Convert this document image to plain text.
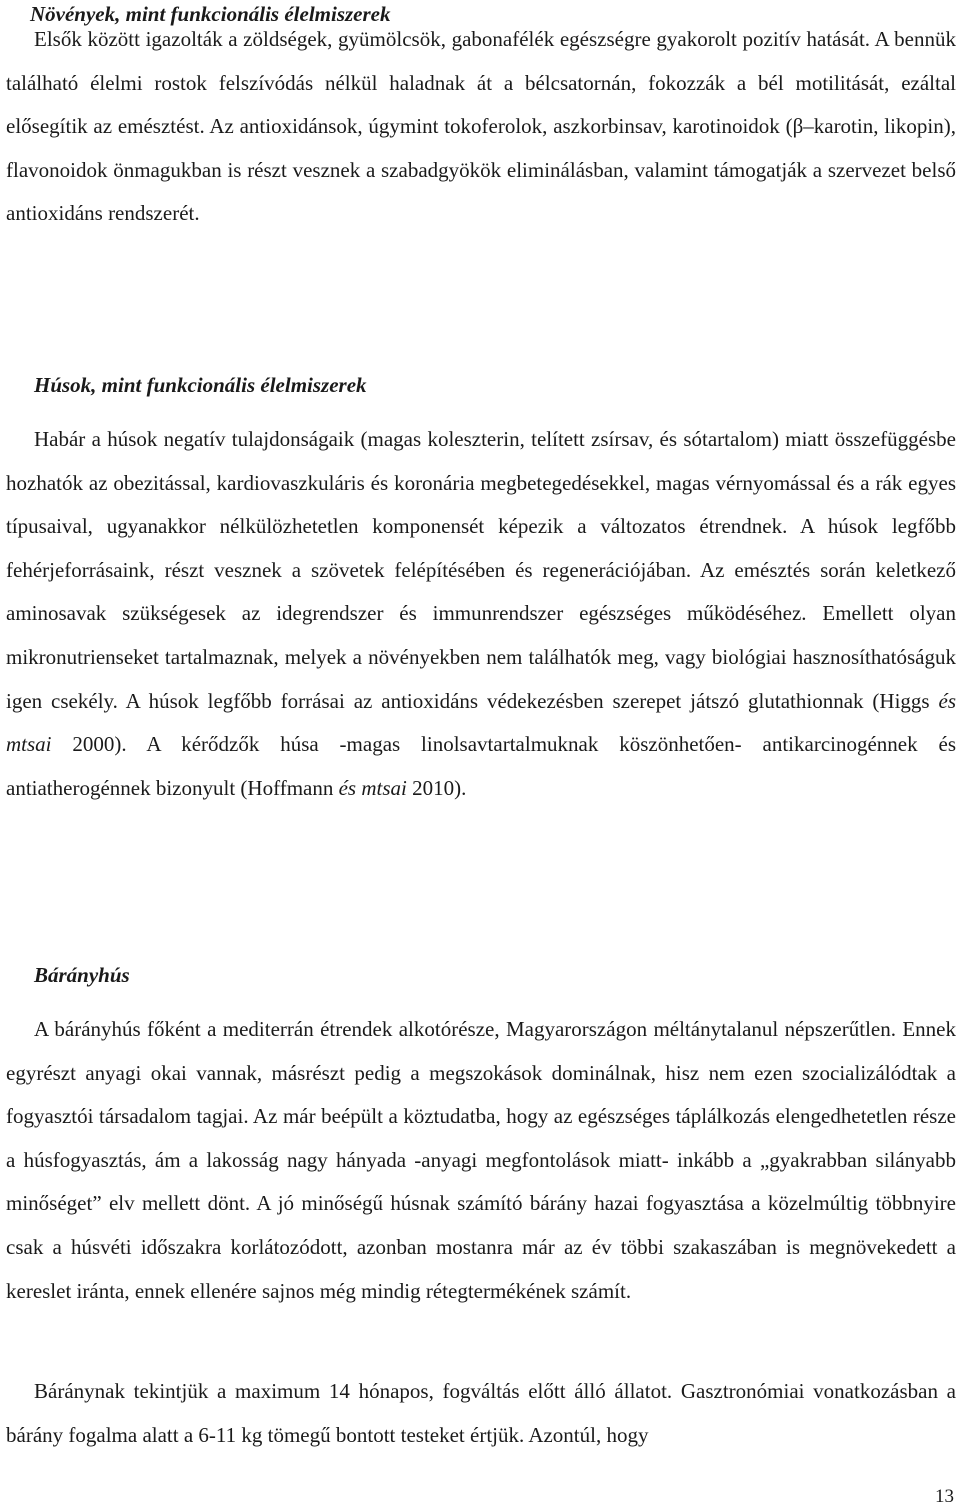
Növények, mint funkcionális élelmiszerek

Elsők között igazolták a zöldségek, gyümölcsök, gabonafélék egészségre gyakorolt pozitív hatását. A bennük található élelmi rostok felszívódás nélkül haladnak át a bélcsatornán, fokozzák a bél motilitását, ezáltal elősegítik az emésztést. Az antioxidánsok, úgymint tokoferolok, aszkorbinsav, karotinoidok (β–karotin, likopin), flavonoidok önmagukban is részt vesznek a szabadgyökök eliminálásban, valamint támogatják a szervezet belső antioxidáns rendszerét.

Húsok, mint funkcionális élelmiszerek

Habár a húsok negatív tulajdonságaik (magas koleszterin, telített zsírsav, és sótartalom) miatt összefüggésbe hozhatók az obezitással, kardiovaszkuláris és koronária megbetegedésekkel, magas vérnyomással és a rák egyes típusaival, ugyanakkor nélkülözhetetlen komponensét képezik a változatos étrendnek. A húsok legfőbb fehérjeforrásaink, részt vesznek a szövetek felépítésében és regenerációjában. Az emésztés során keletkező aminosavak szükségesek az idegrendszer és immunrendszer egészséges működéséhez. Emellett olyan mikronutrienseket tartalmaznak, melyek a növényekben nem találhatók meg, vagy biológiai hasznosíthatóságuk igen csekély. A húsok legfőbb forrásai az antioxidáns védekezésben szerepet játszó glutathionnak (Higgs és mtsai 2000). A kérődzők húsa -magas linolsavtartalmuknak köszönhetően- antikarcinogénnek és antiatherogénnek bizonyult (Hoffmann és mtsai 2010).

Bárányhús

A bárányhús főként a mediterrán étrendek alkotórésze, Magyarországon méltánytalanul népszerűtlen. Ennek egyrészt anyagi okai vannak, másrészt pedig a megszokások dominálnak, hisz nem ezen szocializálódtak a fogyasztói társadalom tagjai. Az már beépült a köztudatba, hogy az egészséges táplálkozás elengedhetetlen része a húsfogyasztás, ám a lakosság nagy hányada -anyagi megfontolások miatt- inkább a „gyakrabban silányabb minőséget” elv mellett dönt. A jó minőségű húsnak számító bárány hazai fogyasztása a közelmúltig többnyire csak a húsvéti időszakra korlátozódott, azonban mostanra már az év többi szakaszában is megnövekedett a kereslet iránta, ennek ellenére sajnos még mindig rétegtermékének számít.

Báránynak tekintjük a maximum 14 hónapos, fogváltás előtt álló állatot. Gasztronómiai vonatkozásban a bárány fogalma alatt a 6-11 kg tömegű bontott testeket értjük. Azontúl, hogy

13
